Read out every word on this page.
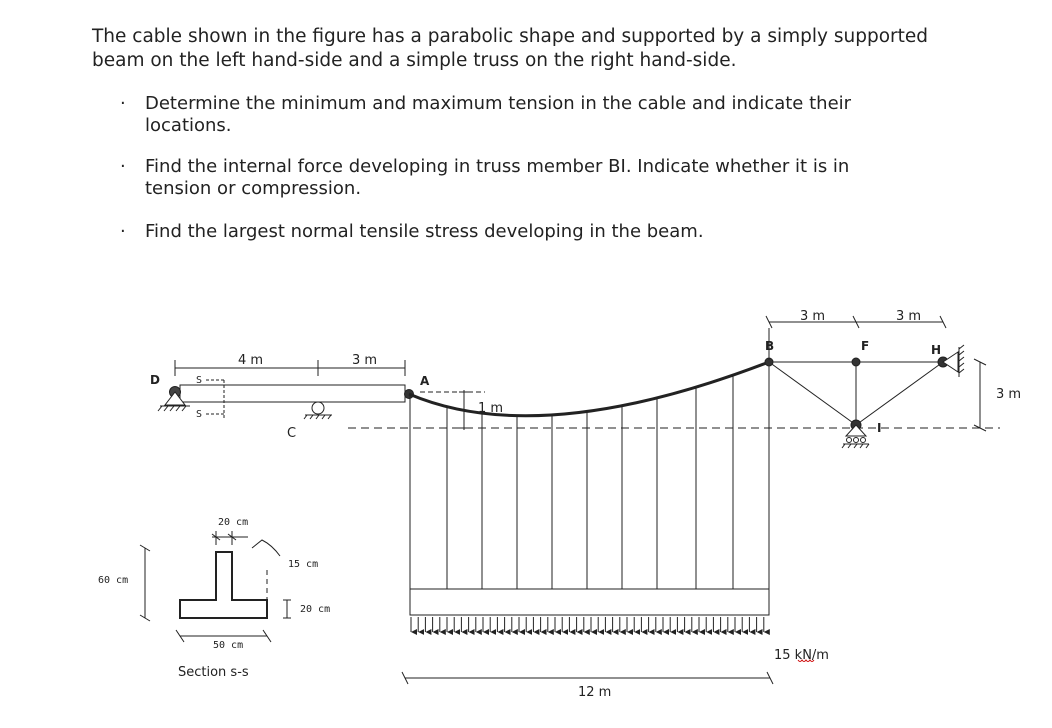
The cable shown in the figure has a parabolic shape and supported by a simply supported
beam on the left hand-side and a simple truss on the right hand-side.
· Determine the minimum and maximum tension in the cable and indicate their
locations.
· Find the internal force developing in truss member BI. Indicate whether it is in
tension or compression.
· Find the largest normal tensile stress developing in the beam.
D
C
S
S
4 m	3 m
A
1 m
12 m
15 kN/m
3 m	3 m
3 m
B	F	H
I
20 cm
15 cm
20 cm
60 cm
50 cm
Section s-s
